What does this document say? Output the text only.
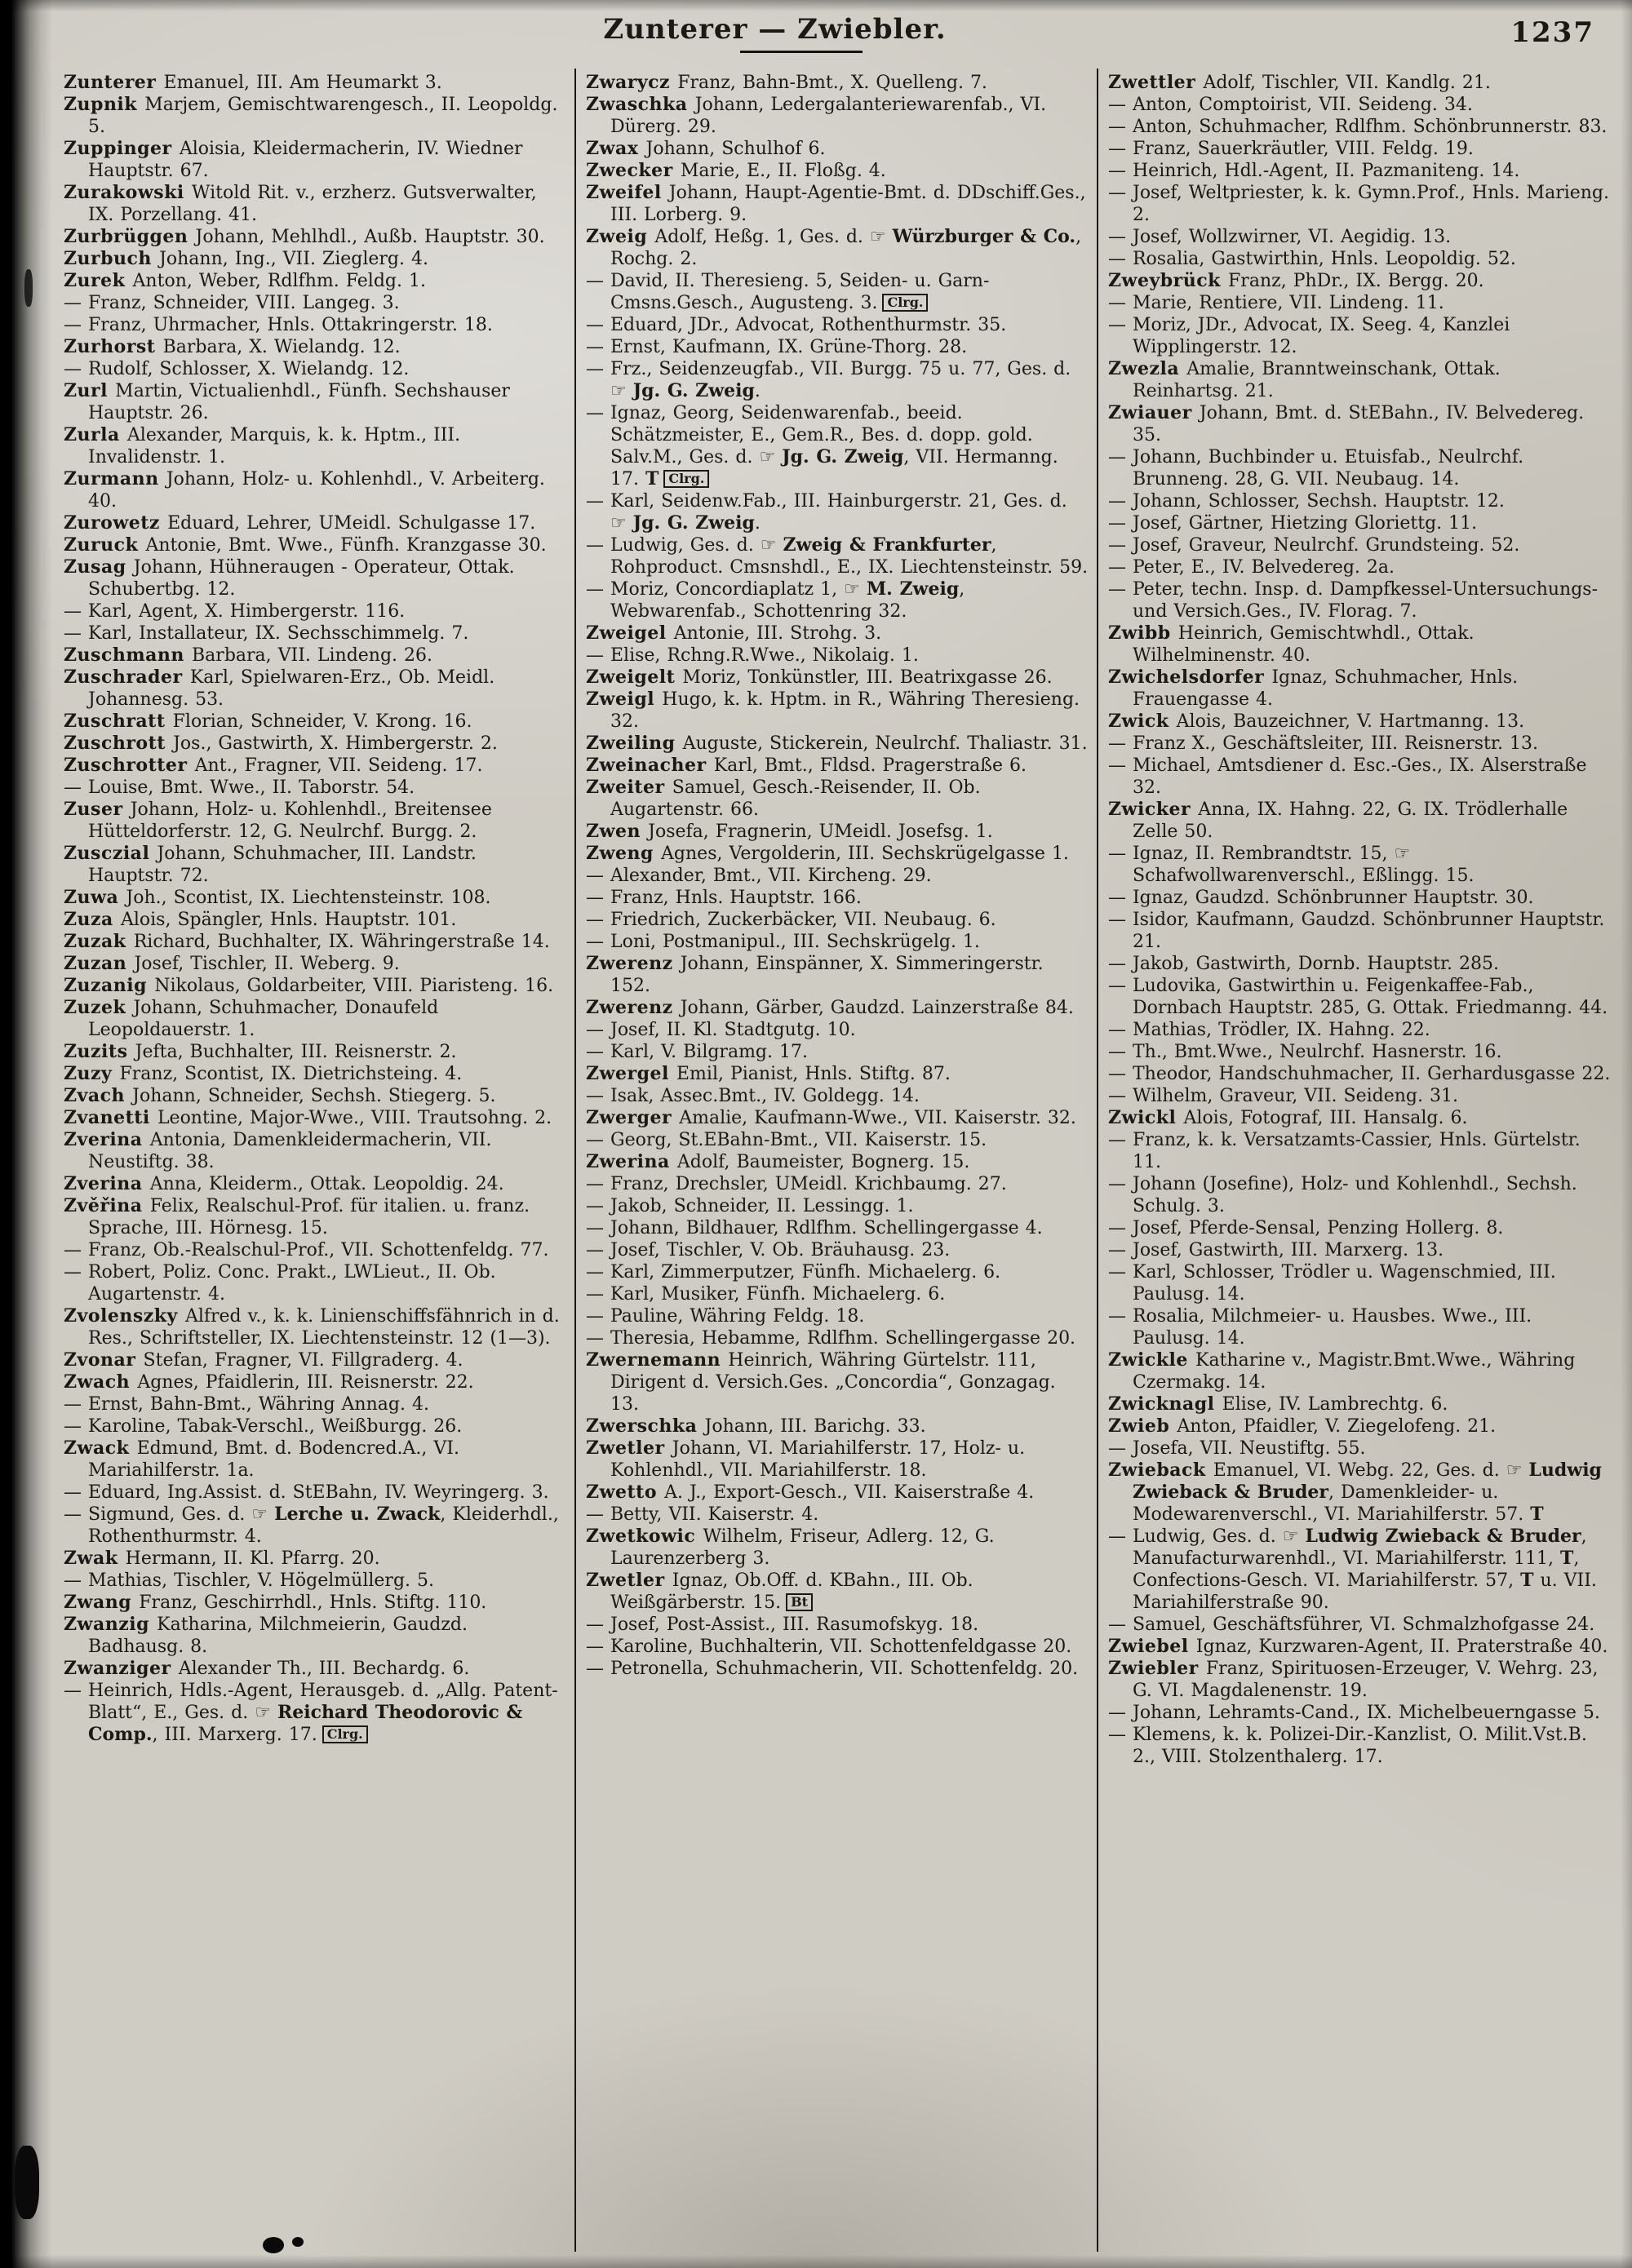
Zunterer — Zwiebler.	1237

Zunterer Emanuel, III. Am Heumarkt 3.

Zupnik Marjem, Gemischtwarengesch., II. Leopoldg. 5.

Zuppinger Aloisia, Kleidermacherin, IV. Wiedner Hauptstr. 67.

Zurakowski Witold Rit. v., erzherz. Gutsverwalter, IX. Porzellang. 41.

Zurbrüggen Johann, Mehlhdl., Außb. Hauptstr. 30.

Zurbuch Johann, Ing., VII. Zieglerg. 4.

Zurek Anton, Weber, Rdlfhm. Feldg. 1.

— Franz, Schneider, VIII. Langeg. 3.

— Franz, Uhrmacher, Hnls. Ottakringerstr. 18.

Zurhorst Barbara, X. Wielandg. 12.

— Rudolf, Schlosser, X. Wielandg. 12.

Zurl Martin, Victualienhdl., Fünfh. Sechshauser Hauptstr. 26.

Zurla Alexander, Marquis, k. k. Hptm., III. Invalidenstr. 1.

Zurmann Johann, Holz- u. Kohlenhdl., V. Arbeiterg. 40.

Zurowetz Eduard, Lehrer, UMeidl. Schulgasse 17.

Zuruck Antonie, Bmt. Wwe., Fünfh. Kranzgasse 30.

Zusag Johann, Hühneraugen - Operateur, Ottak. Schubertbg. 12.

— Karl, Agent, X. Himbergerstr. 116.

— Karl, Installateur, IX. Sechsschimmelg. 7.

Zuschmann Barbara, VII. Lindeng. 26.

Zuschrader Karl, Spielwaren-Erz., Ob. Meidl. Johannesg. 53.

Zuschratt Florian, Schneider, V. Krong. 16.

Zuschrott Jos., Gastwirth, X. Himbergerstr. 2.

Zuschrotter Ant., Fragner, VII. Seideng. 17.

— Louise, Bmt. Wwe., II. Taborstr. 54.

Zuser Johann, Holz- u. Kohlenhdl., Breitensee Hütteldorferstr. 12, G. Neulrchf. Burgg. 2.

Zusczial Johann, Schuhmacher, III. Landstr. Hauptstr. 72.

Zuwa Joh., Scontist, IX. Liechtensteinstr. 108.

Zuza Alois, Spängler, Hnls. Hauptstr. 101.

Zuzak Richard, Buchhalter, IX. Währingerstraße 14.

Zuzan Josef, Tischler, II. Weberg. 9.

Zuzanig Nikolaus, Goldarbeiter, VIII. Piaristeng. 16.

Zuzek Johann, Schuhmacher, Donaufeld Leopoldauerstr. 1.

Zuzits Jefta, Buchhalter, III. Reisnerstr. 2.

Zuzy Franz, Scontist, IX. Dietrichsteing. 4.

Zvach Johann, Schneider, Sechsh. Stiegerg. 5.

Zvanetti Leontine, Major-Wwe., VIII. Trautsohng. 2.

Zverina Antonia, Damenkleidermacherin, VII. Neustiftg. 38.

Zverina Anna, Kleiderm., Ottak. Leopoldig. 24.

Zvěřina Felix, Realschul-Prof. für italien. u. franz. Sprache, III. Hörnesg. 15.

— Franz, Ob.-Realschul-Prof., VII. Schottenfeldg. 77.

— Robert, Poliz. Conc. Prakt., LWLieut., II. Ob. Augartenstr. 4.

Zvolenszky Alfred v., k. k. Linienschiffsfähnrich in d. Res., Schriftsteller, IX. Liechtensteinstr. 12 (1—3).

Zvonar Stefan, Fragner, VI. Fillgraderg. 4.

Zwach Agnes, Pfaidlerin, III. Reisnerstr. 22.

— Ernst, Bahn-Bmt., Währing Annag. 4.

— Karoline, Tabak-Verschl., Weißburgg. 26.

Zwack Edmund, Bmt. d. Bodencred.A., VI. Mariahilferstr. 1a.

— Eduard, Ing.Assist. d. StEBahn, IV. Weyringerg. 3.

— Sigmund, Ges. d. ☞ Lerche u. Zwack, Kleiderhdl., Rothenthurmstr. 4.

Zwak Hermann, II. Kl. Pfarrg. 20.

— Mathias, Tischler, V. Högelmüllerg. 5.

Zwang Franz, Geschirrhdl., Hnls. Stiftg. 110.

Zwanzig Katharina, Milchmeierin, Gaudzd. Badhausg. 8.

Zwanziger Alexander Th., III. Bechardg. 6.

— Heinrich, Hdls.-Agent, Herausgeb. d. „Allg. Patent-Blatt“, E., Ges. d. ☞ Reichard Theodorovic & Comp., III. Marxerg. 17. Clrg.

Zwarycz Franz, Bahn-Bmt., X. Quelleng. 7.

Zwaschka Johann, Ledergalanteriewarenfab., VI. Dürerg. 29.

Zwax Johann, Schulhof 6.

Zwecker Marie, E., II. Floßg. 4.

Zweifel Johann, Haupt-Agentie-Bmt. d. DDschiff.Ges., III. Lorberg. 9.

Zweig Adolf, Heßg. 1, Ges. d. ☞ Würzburger & Co., Rochg. 2.

— David, II. Theresieng. 5, Seiden- u. Garn-Cmsns.Gesch., Augusteng. 3. Clrg.

— Eduard, JDr., Advocat, Rothenthurmstr. 35.

— Ernst, Kaufmann, IX. Grüne-Thorg. 28.

— Frz., Seidenzeugfab., VII. Burgg. 75 u. 77, Ges. d. ☞ Jg. G. Zweig.

— Ignaz, Georg, Seidenwarenfab., beeid. Schätzmeister, E., Gem.R., Bes. d. dopp. gold. Salv.M., Ges. d. ☞ Jg. G. Zweig, VII. Hermanng. 17. T Clrg.

— Karl, Seidenw.Fab., III. Hainburgerstr. 21, Ges. d. ☞ Jg. G. Zweig.

— Ludwig, Ges. d. ☞ Zweig & Frankfurter, Rohproduct. Cmsnshdl., E., IX. Liechtensteinstr. 59.

— Moriz, Concordiaplatz 1, ☞ M. Zweig, Webwarenfab., Schottenring 32.

Zweigel Antonie, III. Strohg. 3.

— Elise, Rchng.R.Wwe., Nikolaig. 1.

Zweigelt Moriz, Tonkünstler, III. Beatrixgasse 26.

Zweigl Hugo, k. k. Hptm. in R., Währing Theresieng. 32.

Zweiling Auguste, Stickerein, Neulrchf. Thaliastr. 31.

Zweinacher Karl, Bmt., Fldsd. Pragerstraße 6.

Zweiter Samuel, Gesch.-Reisender, II. Ob. Augartenstr. 66.

Zwen Josefa, Fragnerin, UMeidl. Josefsg. 1.

Zweng Agnes, Vergolderin, III. Sechskrügelgasse 1.

— Alexander, Bmt., VII. Kircheng. 29.

— Franz, Hnls. Hauptstr. 166.

— Friedrich, Zuckerbäcker, VII. Neubaug. 6.

— Loni, Postmanipul., III. Sechskrügelg. 1.

Zwerenz Johann, Einspänner, X. Simmeringerstr. 152.

Zwerenz Johann, Gärber, Gaudzd. Lainzerstraße 84.

— Josef, II. Kl. Stadtgutg. 10.

— Karl, V. Bilgramg. 17.

Zwergel Emil, Pianist, Hnls. Stiftg. 87.

— Isak, Assec.Bmt., IV. Goldegg. 14.

Zwerger Amalie, Kaufmann-Wwe., VII. Kaiserstr. 32.

— Georg, St.EBahn-Bmt., VII. Kaiserstr. 15.

Zwerina Adolf, Baumeister, Bognerg. 15.

— Franz, Drechsler, UMeidl. Krichbaumg. 27.

— Jakob, Schneider, II. Lessingg. 1.

— Johann, Bildhauer, Rdlfhm. Schellingergasse 4.

— Josef, Tischler, V. Ob. Bräuhausg. 23.

— Karl, Zimmerputzer, Fünfh. Michaelerg. 6.

— Karl, Musiker, Fünfh. Michaelerg. 6.

— Pauline, Währing Feldg. 18.

— Theresia, Hebamme, Rdlfhm. Schellingergasse 20.

Zwernemann Heinrich, Währing Gürtelstr. 111, Dirigent d. Versich.Ges. „Concordia“, Gonzagag. 13.

Zwerschka Johann, III. Barichg. 33.

Zwetler Johann, VI. Mariahilferstr. 17, Holz- u. Kohlenhdl., VII. Mariahilferstr. 18.

Zwetto A. J., Export-Gesch., VII. Kaiserstraße 4.

— Betty, VII. Kaiserstr. 4.

Zwetkowic Wilhelm, Friseur, Adlerg. 12, G. Laurenzerberg 3.

Zwetler Ignaz, Ob.Off. d. KBahn., III. Ob. Weißgärberstr. 15. Bt

— Josef, Post-Assist., III. Rasumofskyg. 18.

— Karoline, Buchhalterin, VII. Schottenfeldgasse 20.

— Petronella, Schuhmacherin, VII. Schottenfeldg. 20.

Zwettler Adolf, Tischler, VII. Kandlg. 21.

— Anton, Comptoirist, VII. Seideng. 34.

— Anton, Schuhmacher, Rdlfhm. Schönbrunnerstr. 83.

— Franz, Sauerkräutler, VIII. Feldg. 19.

— Heinrich, Hdl.-Agent, II. Pazmaniteng. 14.

— Josef, Weltpriester, k. k. Gymn.Prof., Hnls. Marieng. 2.

— Josef, Wollzwirner, VI. Aegidig. 13.

— Rosalia, Gastwirthin, Hnls. Leopoldig. 52.

Zweybrück Franz, PhDr., IX. Bergg. 20.

— Marie, Rentiere, VII. Lindeng. 11.

— Moriz, JDr., Advocat, IX. Seeg. 4, Kanzlei Wipplingerstr. 12.

Zwezla Amalie, Branntweinschank, Ottak. Reinhartsg. 21.

Zwiauer Johann, Bmt. d. StEBahn., IV. Belvedereg. 35.

— Johann, Buchbinder u. Etuisfab., Neulrchf. Brunneng. 28, G. VII. Neubaug. 14.

— Johann, Schlosser, Sechsh. Hauptstr. 12.

— Josef, Gärtner, Hietzing Gloriettg. 11.

— Josef, Graveur, Neulrchf. Grundsteing. 52.

— Peter, E., IV. Belvedereg. 2a.

— Peter, techn. Insp. d. Dampfkessel-Untersuchungs- und Versich.Ges., IV. Florag. 7.

Zwibb Heinrich, Gemischtwhdl., Ottak. Wilhelminenstr. 40.

Zwichelsdorfer Ignaz, Schuhmacher, Hnls. Frauengasse 4.

Zwick Alois, Bauzeichner, V. Hartmanng. 13.

— Franz X., Geschäftsleiter, III. Reisnerstr. 13.

— Michael, Amtsdiener d. Esc.-Ges., IX. Alserstraße 32.

Zwicker Anna, IX. Hahng. 22, G. IX. Trödlerhalle Zelle 50.

— Ignaz, II. Rembrandtstr. 15, ☞ Schafwollwarenverschl., Eßlingg. 15.

— Ignaz, Gaudzd. Schönbrunner Hauptstr. 30.

— Isidor, Kaufmann, Gaudzd. Schönbrunner Hauptstr. 21.

— Jakob, Gastwirth, Dornb. Hauptstr. 285.

— Ludovika, Gastwirthin u. Feigenkaffee-Fab., Dornbach Hauptstr. 285, G. Ottak. Friedmanng. 44.

— Mathias, Trödler, IX. Hahng. 22.

— Th., Bmt.Wwe., Neulrchf. Hasnerstr. 16.

— Theodor, Handschuhmacher, II. Gerhardusgasse 22.

— Wilhelm, Graveur, VII. Seideng. 31.

Zwickl Alois, Fotograf, III. Hansalg. 6.

— Franz, k. k. Versatzamts-Cassier, Hnls. Gürtelstr. 11.

— Johann (Josefine), Holz- und Kohlenhdl., Sechsh. Schulg. 3.

— Josef, Pferde-Sensal, Penzing Hollerg. 8.

— Josef, Gastwirth, III. Marxerg. 13.

— Karl, Schlosser, Trödler u. Wagenschmied, III. Paulusg. 14.

— Rosalia, Milchmeier- u. Hausbes. Wwe., III. Paulusg. 14.

Zwickle Katharine v., Magistr.Bmt.Wwe., Währing Czermakg. 14.

Zwicknagl Elise, IV. Lambrechtg. 6.

Zwieb Anton, Pfaidler, V. Ziegelofeng. 21.

— Josefa, VII. Neustiftg. 55.

Zwieback Emanuel, VI. Webg. 22, Ges. d. ☞ Ludwig Zwieback & Bruder, Damenkleider- u. Modewarenverschl., VI. Mariahilferstr. 57. T

— Ludwig, Ges. d. ☞ Ludwig Zwieback & Bruder, Manufacturwarenhdl., VI. Mariahilferstr. 111, T, Confections-Gesch. VI. Mariahilferstr. 57, T u. VII. Mariahilferstraße 90.

— Samuel, Geschäftsführer, VI. Schmalzhofgasse 24.

Zwiebel Ignaz, Kurzwaren-Agent, II. Praterstraße 40.

Zwiebler Franz, Spirituosen-Erzeuger, V. Wehrg. 23, G. VI. Magdalenenstr. 19.

— Johann, Lehramts-Cand., IX. Michelbeuerngasse 5.

— Klemens, k. k. Polizei-Dir.-Kanzlist, O. Milit.Vst.B. 2., VIII. Stolzenthalerg. 17.
